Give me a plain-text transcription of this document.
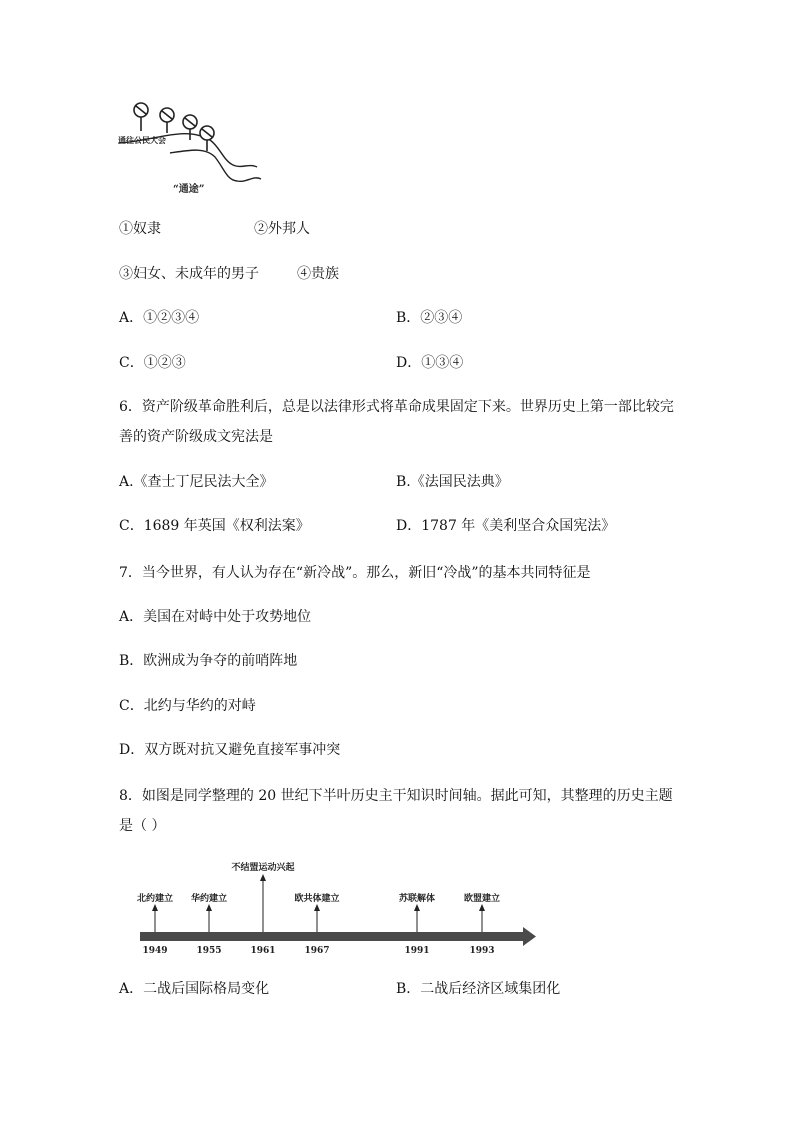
通往公民大会
“通途”
①奴隶	②外邦人
③妇女、未成年的男子	④贵族
A．①②③④	B．②③④
C．①②③	D．①③④
6．资产阶级革命胜利后，总是以法律形式将革命成果固定下来。世界历史上第一部比较完
善的资产阶级成文宪法是
A.《查士丁尼民法大全》	B.《法国民法典》
C．1689 年英国《权利法案》	D．1787 年《美利坚合众国宪法》
7．当今世界，有人认为存在“新冷战”。那么，新旧“冷战”的基本共同特征是
A．美国在对峙中处于攻势地位
B．欧洲成为争夺的前哨阵地
C．北约与华约的对峙
D．双方既对抗又避免直接军事冲突
8．如图是同学整理的 20 世纪下半叶历史主干知识时间轴。据此可知，其整理的历史主题
是（ ）
北约建立
1949
华约建立
1955
不结盟运动兴起
1961
欧共体建立
1967
苏联解体
1991
欧盟建立
1993
A．二战后国际格局变化	B．二战后经济区域集团化
